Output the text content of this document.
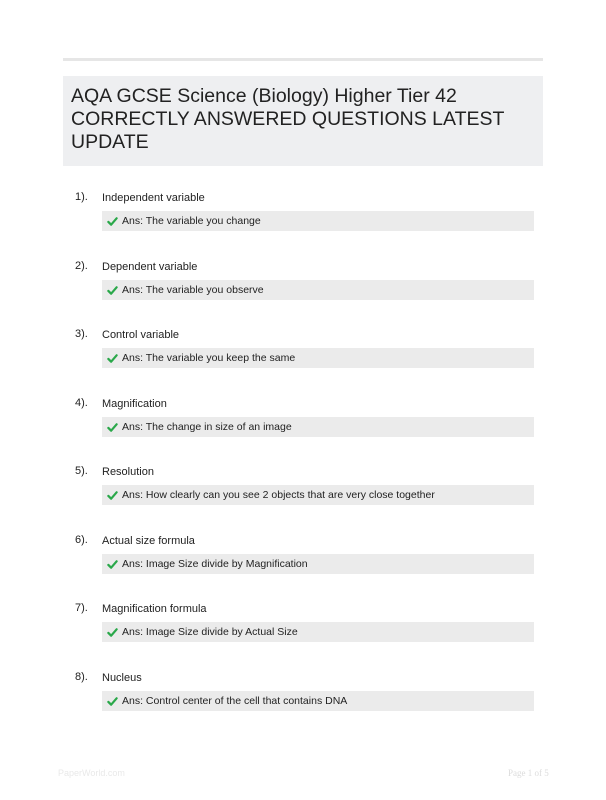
AQA GCSE Science (Biology) Higher Tier 42 CORRECTLY ANSWERED QUESTIONS LATEST UPDATE
1). Independent variable
Ans: The variable you change
2). Dependent variable
Ans: The variable you observe
3). Control variable
Ans: The variable you keep the same
4). Magnification
Ans: The change in size of an image
5). Resolution
Ans: How clearly can you see 2 objects that are very close together
6). Actual size formula
Ans: Image Size divide by Magnification
7). Magnification formula
Ans: Image Size divide by Actual Size
8). Nucleus
Ans: Control center of the cell that contains DNA
PaperWorld.com	Page 1 of 5
